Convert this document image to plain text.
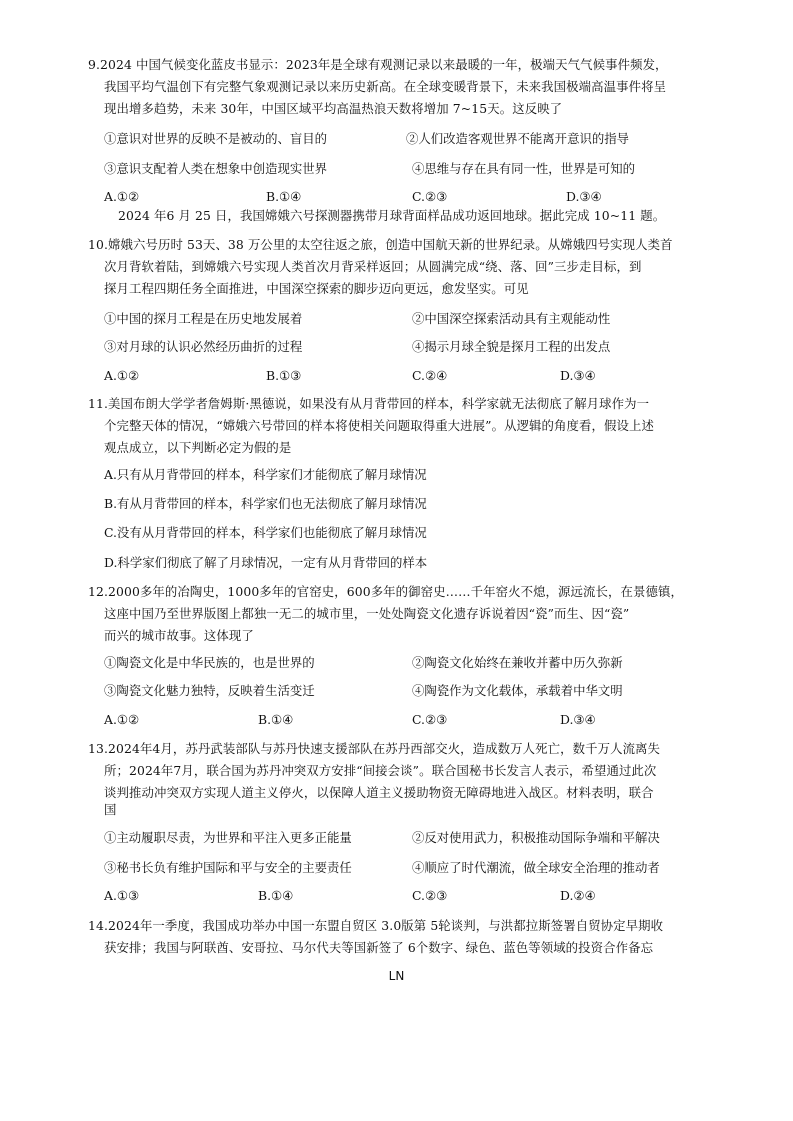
9.2024 中国气候变化蓝皮书显示：2023年是全球有观测记录以来最暖的一年，极端天气气候事件频发，
我国平均气温创下有完整气象观测记录以来历史新高。在全球变暖背景下，未来我国极端高温事件将呈
现出增多趋势，未来 30年，中国区域平均高温热浪天数将增加 7~15天。这反映了
①意识对世界的反映不是被动的、盲目的	②人们改造客观世界不能离开意识的指导
③意识支配着人类在想象中创造现实世界	④思维与存在具有同一性，世界是可知的
A.①②	B.①④	C.②③	D.③④
2024 年6 月 25 日，我国嫦娥六号探测器携带月球背面样品成功返回地球。据此完成 10~11 题。
10.嫦娥六号历时 53天、38 万公里的太空往返之旅，创造中国航天新的世界纪录。从嫦娥四号实现人类首
次月背软着陆，到嫦娥六号实现人类首次月背采样返回；从圆满完成“绕、落、回”三步走目标，到
探月工程四期任务全面推进，中国深空探索的脚步迈向更远，愈发坚实。可见
①中国的探月工程是在历史地发展着	②中国深空探索活动具有主观能动性
③对月球的认识必然经历曲折的过程	④揭示月球全貌是探月工程的出发点
A.①②	B.①③	C.②④	D.③④
11.美国布朗大学学者詹姆斯·黑德说，如果没有从月背带回的样本，科学家就无法彻底了解月球作为一
个完整天体的情况，“嫦娥六号带回的样本将使相关问题取得重大进展”。从逻辑的角度看，假设上述
观点成立，以下判断必定为假的是
A.只有从月背带回的样本，科学家们才能彻底了解月球情况
B.有从月背带回的样本，科学家们也无法彻底了解月球情况
C.没有从月背带回的样本，科学家们也能彻底了解月球情况
D.科学家们彻底了解了月球情况，一定有从月背带回的样本
12.2000多年的冶陶史，1000多年的官窑史，600多年的御窑史……千年窑火不熄，源远流长，在景德镇，
这座中国乃至世界版图上都独一无二的城市里，一处处陶瓷文化遗存诉说着因“瓷”而生、因“瓷”
而兴的城市故事。这体现了
①陶瓷文化是中华民族的，也是世界的	②陶瓷文化始终在兼收并蓄中历久弥新
③陶瓷文化魅力独特，反映着生活变迁	④陶瓷作为文化载体，承载着中华文明
A.①②	B.①④	C.②③	D.③④
13.2024年4月，苏丹武装部队与苏丹快速支援部队在苏丹西部交火，造成数万人死亡，数千万人流离失
所；2024年7月，联合国为苏丹冲突双方安排“间接会谈”。联合国秘书长发言人表示，希望通过此次
谈判推动冲突双方实现人道主义停火，以保障人道主义援助物资无障碍地进入战区。材料表明，联合
国
①主动履职尽责，为世界和平注入更多正能量	②反对使用武力，积极推动国际争端和平解决
③秘书长负有维护国际和平与安全的主要责任	④顺应了时代潮流，做全球安全治理的推动者
A.①③	B.①④	C.②③	D.②④
14.2024年一季度，我国成功举办中国一东盟自贸区 3.0版第 5轮谈判，与洪都拉斯签署自贸协定早期收
获安排；我国与阿联酋、安哥拉、马尔代夫等国新签了 6个数字、绿色、蓝色等领域的投资合作备忘
LN
